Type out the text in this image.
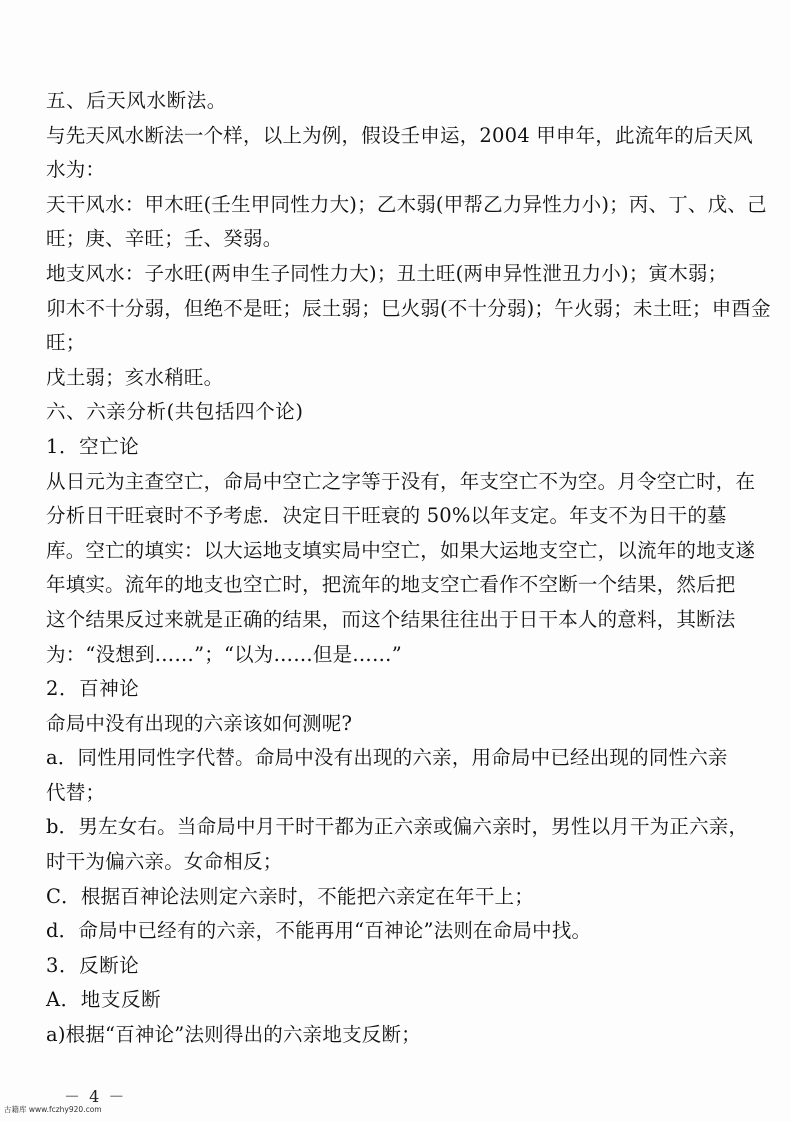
五、后天风水断法。
与先天风水断法一个样，以上为例，假设壬申运，2004 甲申年，此流年的后天风
水为：
天干风水：甲木旺(壬生甲同性力大)；乙木弱(甲帮乙力异性力小)；丙、丁、戊、己
旺；庚、辛旺；壬、癸弱。
地支风水：子水旺(两申生子同性力大)；丑土旺(两申异性泄丑力小)；寅木弱；
卯木不十分弱，但绝不是旺；辰土弱；巳火弱(不十分弱)；午火弱；未土旺；申酉金
旺；
戊土弱；亥水稍旺。
六、六亲分析(共包括四个论)
1．空亡论
从日元为主查空亡，命局中空亡之字等于没有，年支空亡不为空。月令空亡时，在
分析日干旺衰时不予考虑．决定日干旺衰的 50%以年支定。年支不为日干的墓
库。空亡的填实：以大运地支填实局中空亡，如果大运地支空亡，以流年的地支遂
年填实。流年的地支也空亡时，把流年的地支空亡看作不空断一个结果，然后把
这个结果反过来就是正确的结果，而这个结果往往出于日干本人的意料，其断法
为：“没想到……”；“以为……但是……”
2．百神论
命局中没有出现的六亲该如何测呢?
a．同性用同性字代替。命局中没有出现的六亲，用命局中已经出现的同性六亲
代替；
b．男左女右。当命局中月干时干都为正六亲或偏六亲时，男性以月干为正六亲，
时干为偏六亲。女命相反；
C．根据百神论法则定六亲时，不能把六亲定在年干上；
d．命局中已经有的六亲，不能再用“百神论”法则在命局中找。
3．反断论
A．地支反断
a)根据“百神论”法则得出的六亲地支反断；
－ 4 －
古籍库 www.fczhy920.com
